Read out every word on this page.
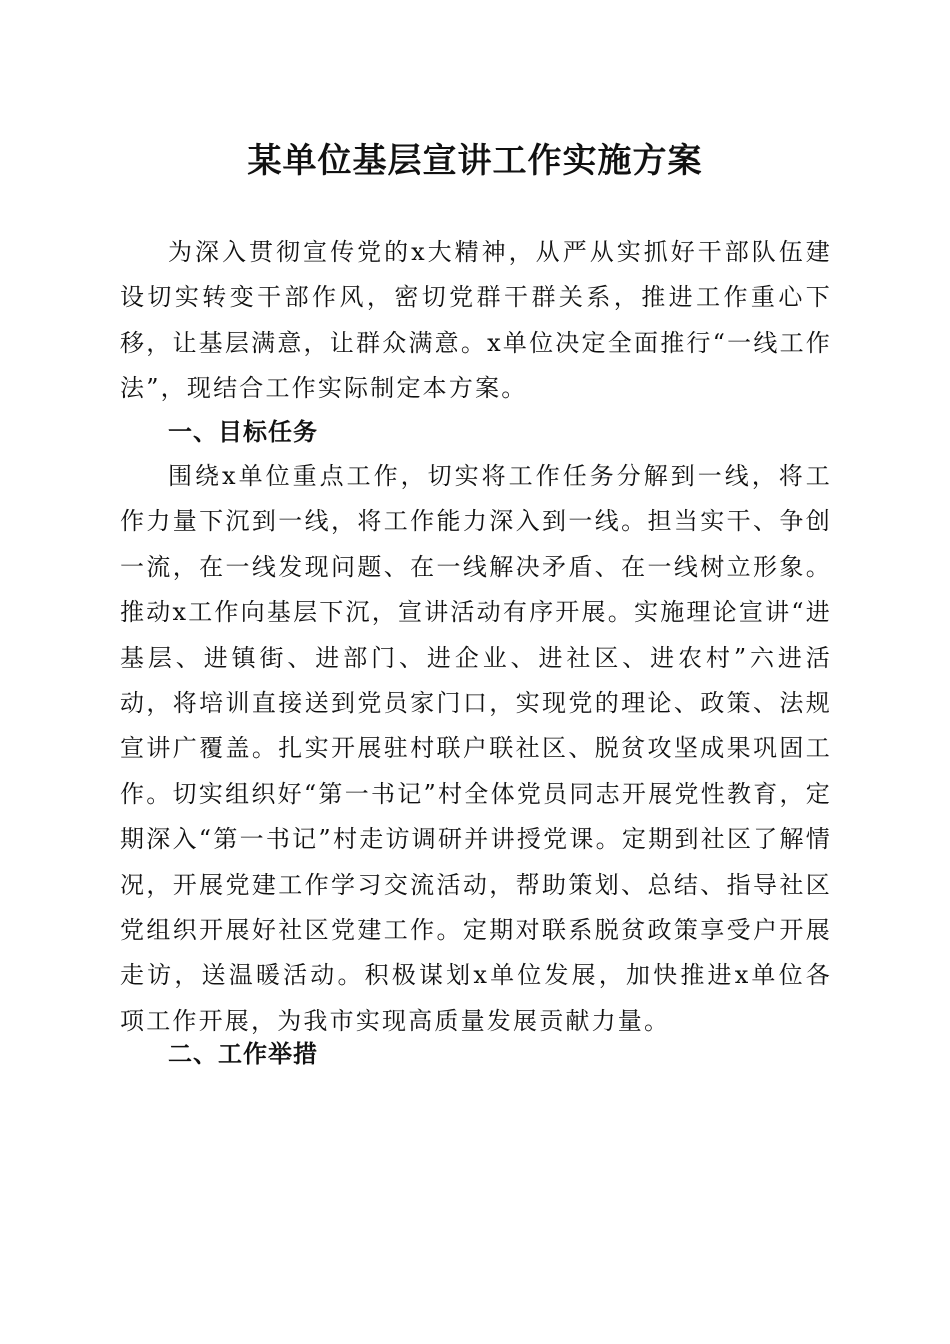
某单位基层宣讲工作实施方案

为深入贯彻宣传党的x大精神，从严从实抓好干部队伍建设切实转变干部作风，密切党群干群关系，推进工作重心下移，让基层满意，让群众满意。x单位决定全面推行“一线工作法”，现结合工作实际制定本方案。

一、目标任务

围绕x单位重点工作，切实将工作任务分解到一线，将工作力量下沉到一线，将工作能力深入到一线。担当实干、争创一流，在一线发现问题、在一线解决矛盾、在一线树立形象。推动x工作向基层下沉，宣讲活动有序开展。实施理论宣讲“进基层、进镇街、进部门、进企业、进社区、进农村”六进活动，将培训直接送到党员家门口，实现党的理论、政策、法规宣讲广覆盖。扎实开展驻村联户联社区、脱贫攻坚成果巩固工作。切实组织好“第一书记”村全体党员同志开展党性教育，定期深入“第一书记”村走访调研并讲授党课。定期到社区了解情况，开展党建工作学习交流活动，帮助策划、总结、指导社区党组织开展好社区党建工作。定期对联系脱贫政策享受户开展走访，送温暖活动。积极谋划x单位发展，加快推进x单位各项工作开展，为我市实现高质量发展贡献力量。

二、工作举措
